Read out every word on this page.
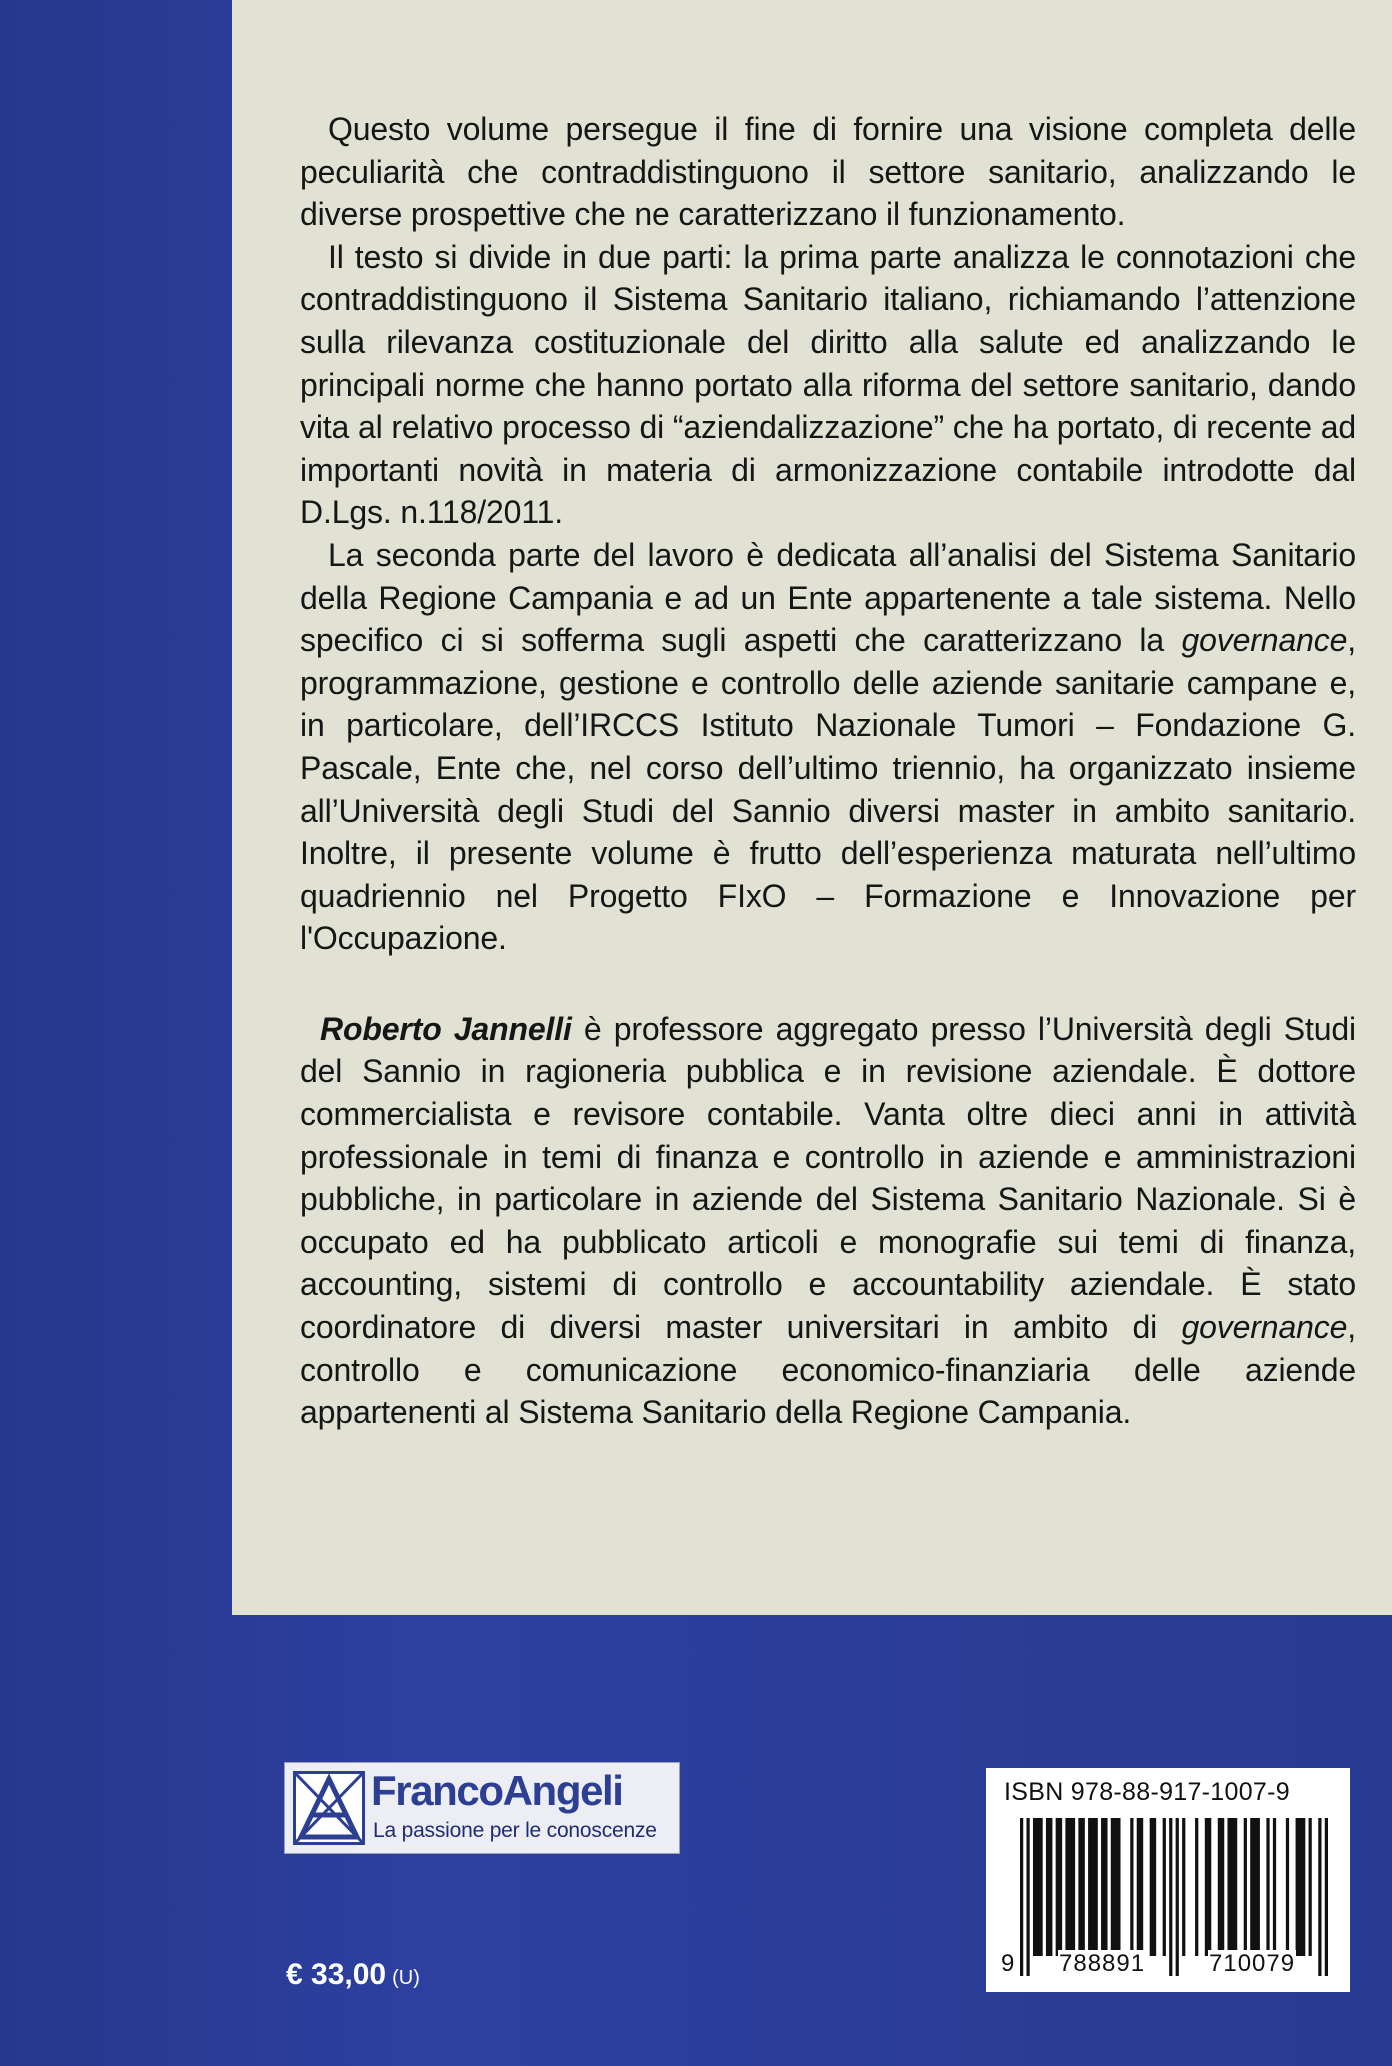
Questo volume persegue il fine di fornire una visione completa delle peculiarità che contraddistinguono il settore sanitario, analizzando le diverse prospettive che ne caratterizzano il funzionamento.

Il testo si divide in due parti: la prima parte analizza le connotazioni che contraddistinguono il Sistema Sanitario italiano, richiamando l’attenzione sulla rilevanza costituzionale del diritto alla salute ed analizzando le principali norme che hanno portato alla riforma del settore sanitario, dando vita al relativo processo di “aziendalizzazione” che ha portato, di recente ad importanti novità in materia di armonizzazione contabile introdotte dal D.Lgs. n.118/2011.

La seconda parte del lavoro è dedicata all’analisi del Sistema Sanitario della Regione Campania e ad un Ente appartenente a tale sistema. Nello specifico ci si sofferma sugli aspetti che caratterizzano la governance, programmazione, gestione e controllo delle aziende sanitarie campane e, in particolare, dell’IRCCS Istituto Nazionale Tumori – Fondazione G. Pascale, Ente che, nel corso dell’ultimo triennio, ha organizzato insieme all’Università degli Studi del Sannio diversi master in ambito sanitario. Inoltre, il presente volume è frutto dell’esperienza maturata nell’ultimo quadriennio nel Progetto FIxO – Formazione e Innovazione per l'Occupazione.

Roberto Jannelli è professore aggregato presso l’Università degli Studi del Sannio in ragioneria pubblica e in revisione aziendale. È dottore commercialista e revisore contabile. Vanta oltre dieci anni in attività professionale in temi di finanza e controllo in aziende e amministrazioni pubbliche, in particolare in aziende del Sistema Sanitario Nazionale. Si è occupato ed ha pubblicato articoli e monografie sui temi di finanza, accounting, sistemi di controllo e accountability aziendale. È stato coordinatore di diversi master universitari in ambito di governance, controllo e comunicazione economico-finanziaria delle aziende appartenenti al Sistema Sanitario della Regione Campania.

FrancoAngeli
La passione per le conoscenze
€ 33,00 (U)
ISBN 978-88-917-1007-9
9 788891	710079
